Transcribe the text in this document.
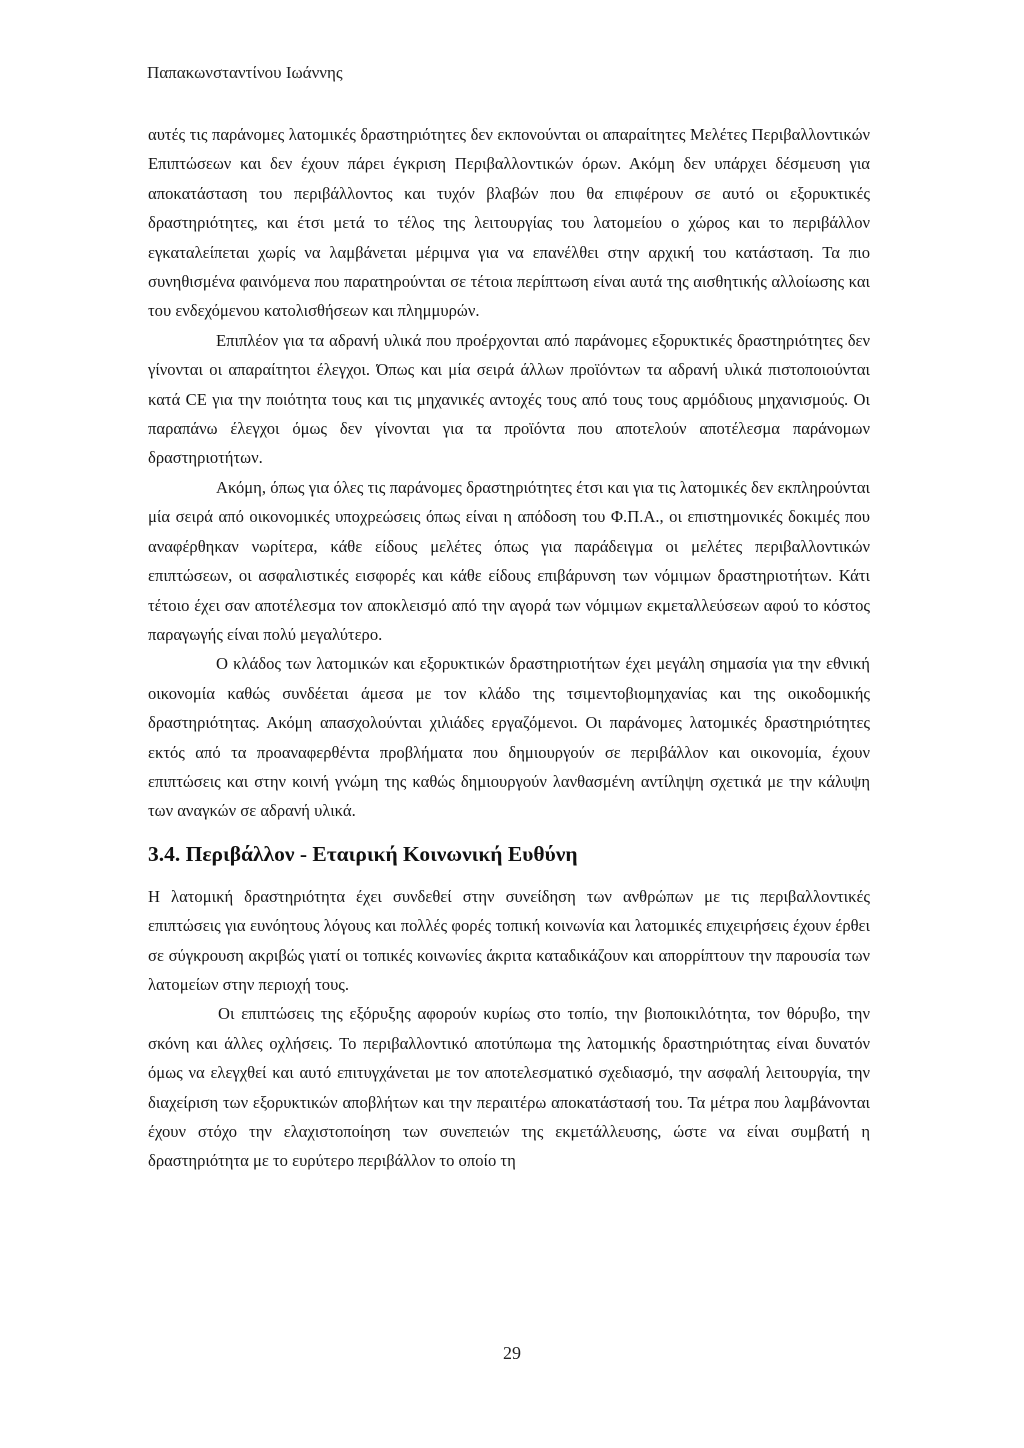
Παπακωνσταντίνου Ιωάννης

αυτές τις παράνομες λατομικές δραστηριότητες δεν εκπονούνται οι απαραίτητες Μελέτες Περιβαλλοντικών Επιπτώσεων και δεν έχουν πάρει έγκριση Περιβαλλοντικών όρων. Ακόμη δεν υπάρχει δέσμευση για αποκατάσταση του περιβάλλοντος και τυχόν βλαβών που θα επιφέρουν σε αυτό οι εξορυκτικές δραστηριότητες, και έτσι μετά το τέλος της λειτουργίας του λατομείου ο χώρος και το περιβάλλον εγκαταλείπεται χωρίς να λαμβάνεται μέριμνα για να επανέλθει στην αρχική του κατάσταση. Τα πιο συνηθισμένα φαινόμενα που παρατηρούνται σε τέτοια περίπτωση είναι αυτά της αισθητικής αλλοίωσης και του ενδεχόμενου κατολισθήσεων και πλημμυρών.

Επιπλέον για τα αδρανή υλικά που προέρχονται από παράνομες εξορυκτικές δραστηριότητες δεν γίνονται οι απαραίτητοι έλεγχοι. Όπως και μία σειρά άλλων προϊόντων τα αδρανή υλικά πιστοποιούνται κατά CE για την ποιότητα τους και τις μηχανικές αντοχές τους από τους τους αρμόδιους μηχανισμούς. Οι παραπάνω έλεγχοι όμως δεν γίνονται για τα προϊόντα που αποτελούν αποτέλεσμα παράνομων δραστηριοτήτων.

Ακόμη, όπως για όλες τις παράνομες δραστηριότητες έτσι και για τις λατομικές δεν εκπληρούνται μία σειρά από οικονομικές υποχρεώσεις όπως είναι η απόδοση του Φ.Π.Α., οι επιστημονικές δοκιμές που αναφέρθηκαν νωρίτερα, κάθε είδους μελέτες όπως για παράδειγμα οι μελέτες περιβαλλοντικών επιπτώσεων, οι ασφαλιστικές εισφορές και κάθε είδους επιβάρυνση των νόμιμων δραστηριοτήτων. Κάτι τέτοιο έχει σαν αποτέλεσμα τον αποκλεισμό από την αγορά των νόμιμων εκμεταλλεύσεων αφού το κόστος παραγωγής είναι πολύ μεγαλύτερο.

Ο κλάδος των λατομικών και εξορυκτικών δραστηριοτήτων έχει μεγάλη σημασία για την εθνική οικονομία καθώς συνδέεται άμεσα με τον κλάδο της τσιμεντοβιομηχανίας και της οικοδομικής δραστηριότητας. Ακόμη απασχολούνται χιλιάδες εργαζόμενοι. Οι παράνομες λατομικές δραστηριότητες εκτός από τα προαναφερθέντα προβλήματα που δημιουργούν σε περιβάλλον και οικονομία, έχουν επιπτώσεις και στην κοινή γνώμη της καθώς δημιουργούν λανθασμένη αντίληψη σχετικά με την κάλυψη των αναγκών σε αδρανή υλικά.

3.4. Περιβάλλον - Εταιρική Κοινωνική Ευθύνη

Η λατομική δραστηριότητα έχει συνδεθεί στην συνείδηση των ανθρώπων με τις περιβαλλοντικές επιπτώσεις για ευνόητους λόγους και πολλές φορές τοπική κοινωνία και λατομικές επιχειρήσεις έχουν έρθει σε σύγκρουση ακριβώς γιατί οι τοπικές κοινωνίες άκριτα καταδικάζουν και απορρίπτουν την παρουσία των λατομείων στην περιοχή τους.

Οι επιπτώσεις της εξόρυξης αφορούν κυρίως στο τοπίο, την βιοποικιλότητα, τον θόρυβο, την σκόνη και άλλες οχλήσεις. Το περιβαλλοντικό αποτύπωμα της λατομικής δραστηριότητας είναι δυνατόν όμως να ελεγχθεί και αυτό επιτυγχάνεται με τον αποτελεσματικό σχεδιασμό, την ασφαλή λειτουργία, την διαχείριση των εξορυκτικών αποβλήτων και την περαιτέρω αποκατάστασή του. Τα μέτρα που λαμβάνονται έχουν στόχο την ελαχιστοποίηση των συνεπειών της εκμετάλλευσης, ώστε να είναι συμβατή η δραστηριότητα με το ευρύτερο περιβάλλον το οποίο τη

29
